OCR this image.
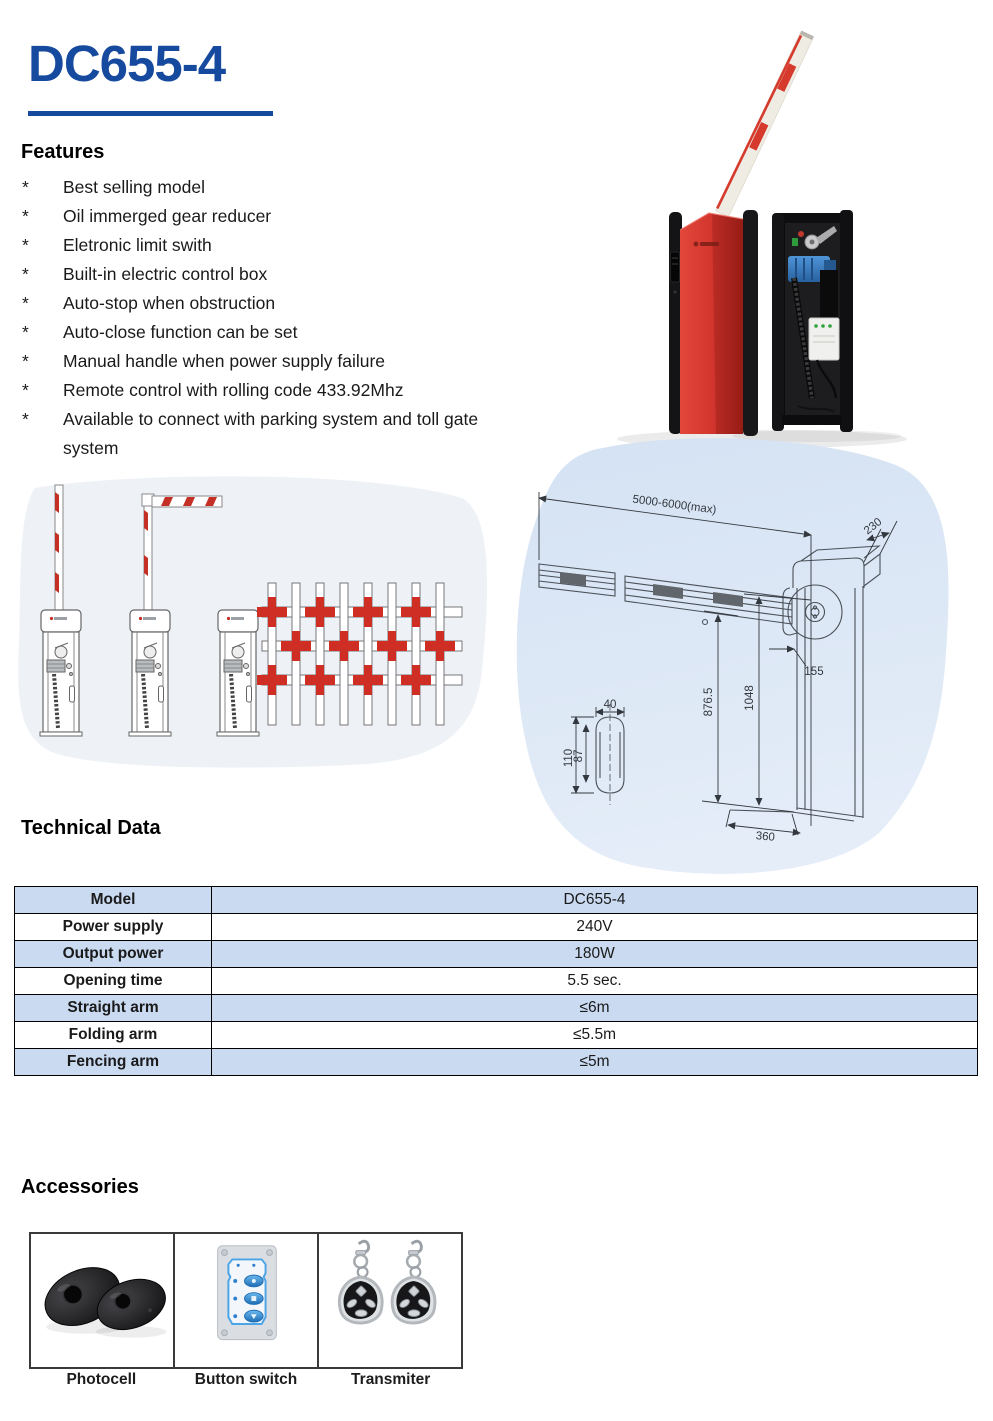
DC655-4
Features
*	Best selling model
*	Oil immerged gear reducer
*	Eletronic limit swith
*	Built-in electric control box
*	Auto-stop when obstruction
*	Auto-close function can be set
*	Manual handle when power supply failure
*	Remote control with rolling code 433.92Mhz
*	Available to connect with parking system and toll gate system
5000-6000(max)
230
155
876.5	1048
360
40
110
87
Technical Data
Model	DC655-4
Power supply	240V
Output power	180W
Opening time	5.5 sec.
Straight arm	≤6m
Folding arm	≤5.5m
Fencing arm	≤5m
Accessories
Photocell	Button switch	Transmiter
